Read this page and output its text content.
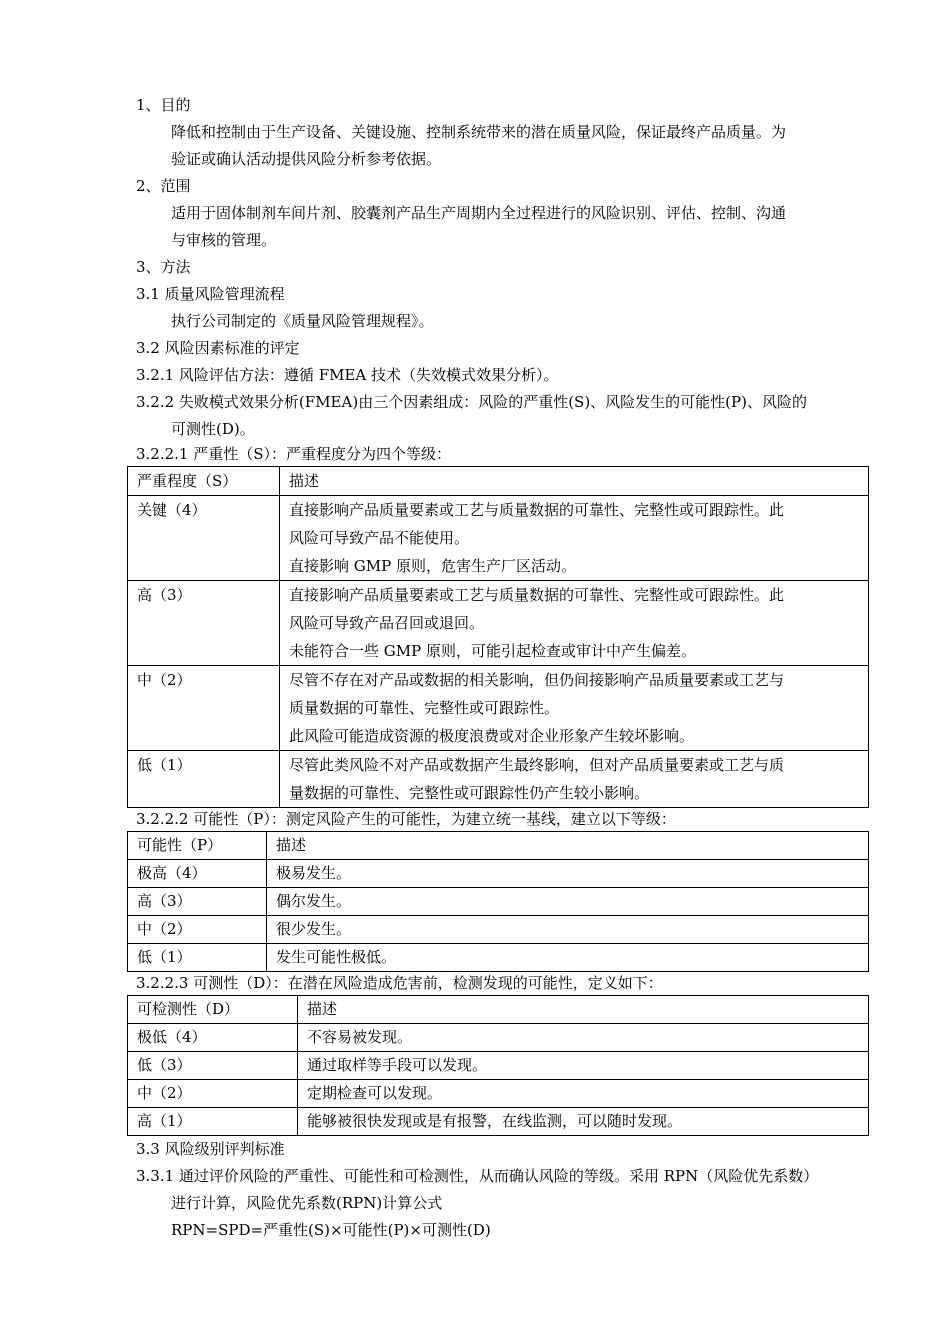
1、目的
降低和控制由于生产设备、关键设施、控制系统带来的潜在质量风险，保证最终产品质量。为
验证或确认活动提供风险分析参考依据。
2、范围
适用于固体制剂车间片剂、胶囊剂产品生产周期内全过程进行的风险识别、评估、控制、沟通
与审核的管理。
3、方法
3.1 质量风险管理流程
执行公司制定的《质量风险管理规程》。
3.2 风险因素标准的评定
3.2.1 风险评估方法：遵循 FMEA 技术（失效模式效果分析）。
3.2.2 失败模式效果分析(FMEA)由三个因素组成：风险的严重性(S)、风险发生的可能性(P)、风险的
可测性(D)。
3.2.2.1 严重性（S）：严重程度分为四个等级：
严重程度（S）	描述
关键（4）	直接影响产品质量要素或工艺与质量数据的可靠性、完整性或可跟踪性。此
风险可导致产品不能使用。
直接影响 GMP 原则，危害生产厂区活动。

高（3）	直接影响产品质量要素或工艺与质量数据的可靠性、完整性或可跟踪性。此
风险可导致产品召回或退回。
未能符合一些 GMP 原则，可能引起检查或审计中产生偏差。

中（2）	尽管不存在对产品或数据的相关影响，但仍间接影响产品质量要素或工艺与
质量数据的可靠性、完整性或可跟踪性。
此风险可能造成资源的极度浪费或对企业形象产生较坏影响。

低（1）	尽管此类风险不对产品或数据产生最终影响，但对产品质量要素或工艺与质
量数据的可靠性、完整性或可跟踪性仍产生较小影响。
3.2.2.2 可能性（P）：测定风险产生的可能性，为建立统一基线，建立以下等级：
可能性（P）	描述
极高（4）	极易发生。
高（3）	偶尔发生。
中（2）	很少发生。
低（1）	发生可能性极低。
3.2.2.3 可测性（D）：在潜在风险造成危害前，检测发现的可能性，定义如下：
可检测性（D）	描述
极低（4）	不容易被发现。
低（3）	通过取样等手段可以发现。
中（2）	定期检查可以发现。
高（1）	能够被很快发现或是有报警，在线监测，可以随时发现。
3.3 风险级别评判标准
3.3.1 通过评价风险的严重性、可能性和可检测性，从而确认风险的等级。采用 RPN（风险优先系数）
进行计算，风险优先系数(RPN)计算公式
RPN=SPD=严重性(S)×可能性(P)×可测性(D)
